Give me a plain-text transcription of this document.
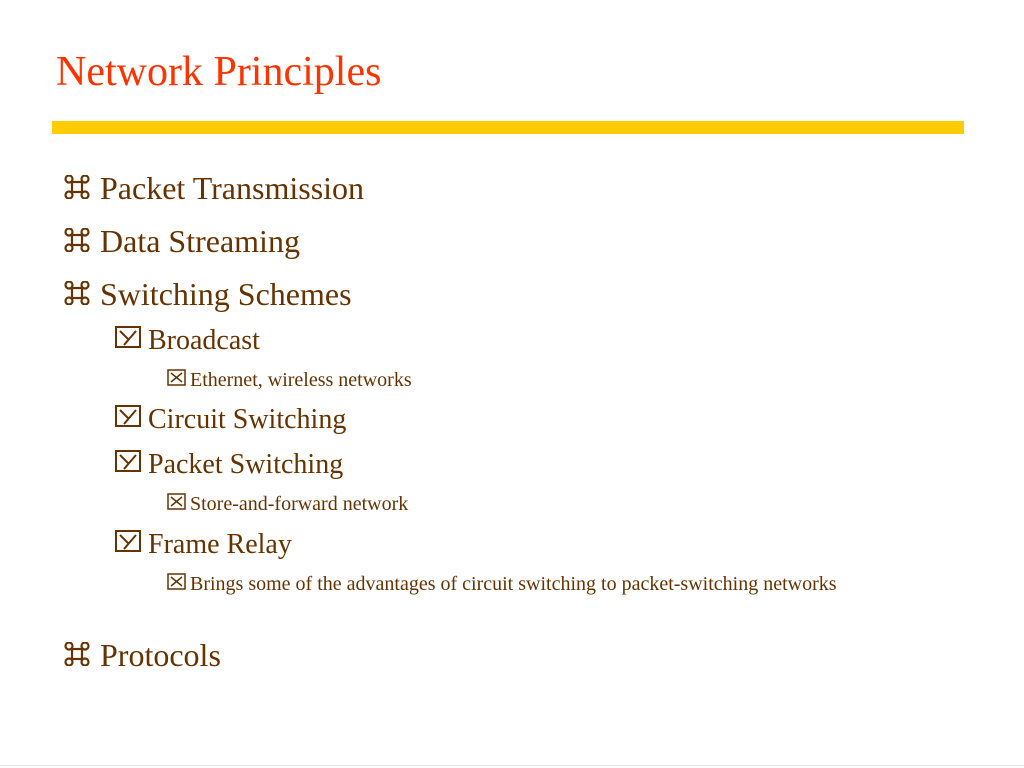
Network Principles
Packet Transmission
Data Streaming
Switching Schemes
Broadcast
Ethernet, wireless networks
Circuit Switching
Packet Switching
Store-and-forward network
Frame Relay
Brings some of the advantages of circuit switching to packet-switching networks
Protocols
